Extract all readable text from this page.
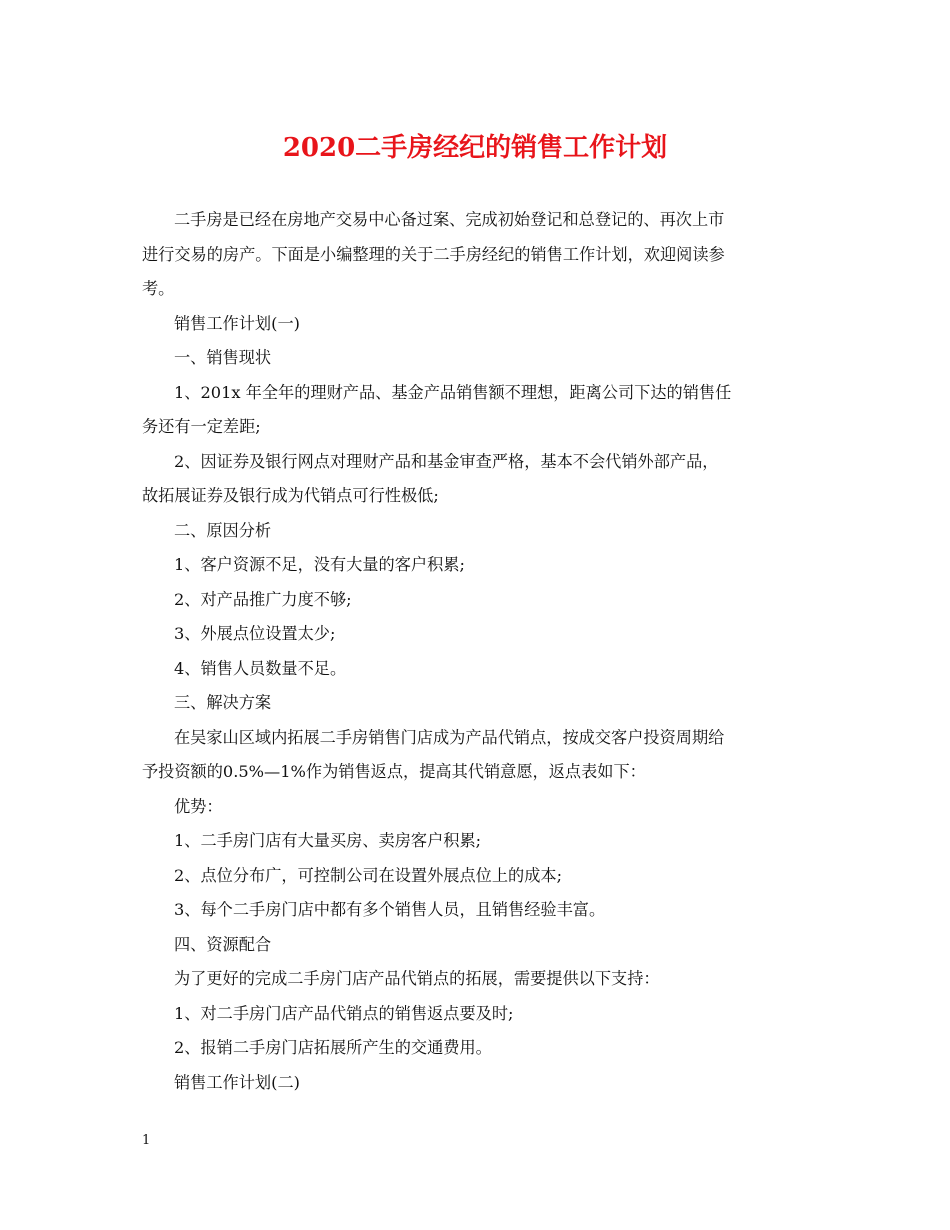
2020二手房经纪的销售工作计划

二手房是已经在房地产交易中心备过案、完成初始登记和总登记的、再次上市

进行交易的房产。下面是小编整理的关于二手房经纪的销售工作计划，欢迎阅读参

考。

销售工作计划(一)

一、销售现状

1、201x 年全年的理财产品、基金产品销售额不理想，距离公司下达的销售任

务还有一定差距;

2、因证券及银行网点对理财产品和基金审查严格，基本不会代销外部产品，

故拓展证券及银行成为代销点可行性极低;

二、原因分析

1、客户资源不足，没有大量的客户积累;

2、对产品推广力度不够;

3、外展点位设置太少;

4、销售人员数量不足。

三、解决方案

在吴家山区域内拓展二手房销售门店成为产品代销点，按成交客户投资周期给

予投资额的0.5%—1%作为销售返点，提高其代销意愿，返点表如下：

优势：

1、二手房门店有大量买房、卖房客户积累;

2、点位分布广，可控制公司在设置外展点位上的成本;

3、每个二手房门店中都有多个销售人员，且销售经验丰富。

四、资源配合

为了更好的完成二手房门店产品代销点的拓展，需要提供以下支持：

1、对二手房门店产品代销点的销售返点要及时;

2、报销二手房门店拓展所产生的交通费用。

销售工作计划(二)

1
